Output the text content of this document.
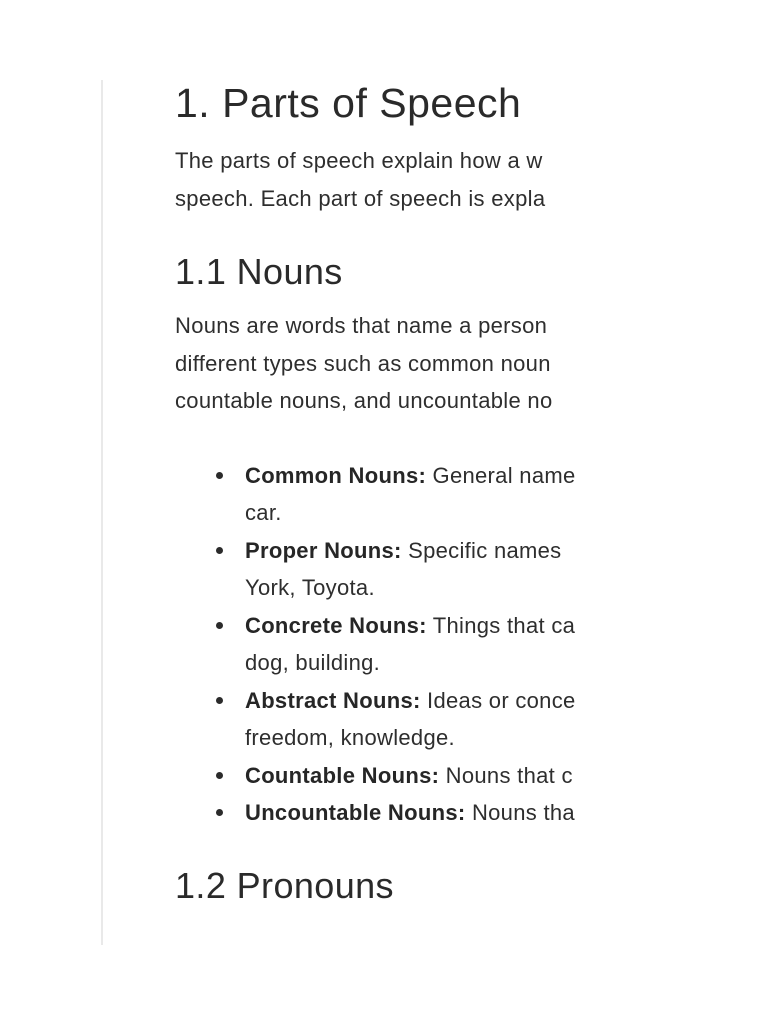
1. Parts of Speech

The parts of speech explain how a w
speech. Each part of speech is expla

1.1 Nouns

Nouns are words that name a person
different types such as common noun
countable nouns, and uncountable no

Common Nouns: General name
car.
Proper Nouns: Specific names
York, Toyota.
Concrete Nouns: Things that ca
dog, building.
Abstract Nouns: Ideas or conce
freedom, knowledge.
Countable Nouns: Nouns that c
Uncountable Nouns: Nouns tha
1.2 Pronouns
